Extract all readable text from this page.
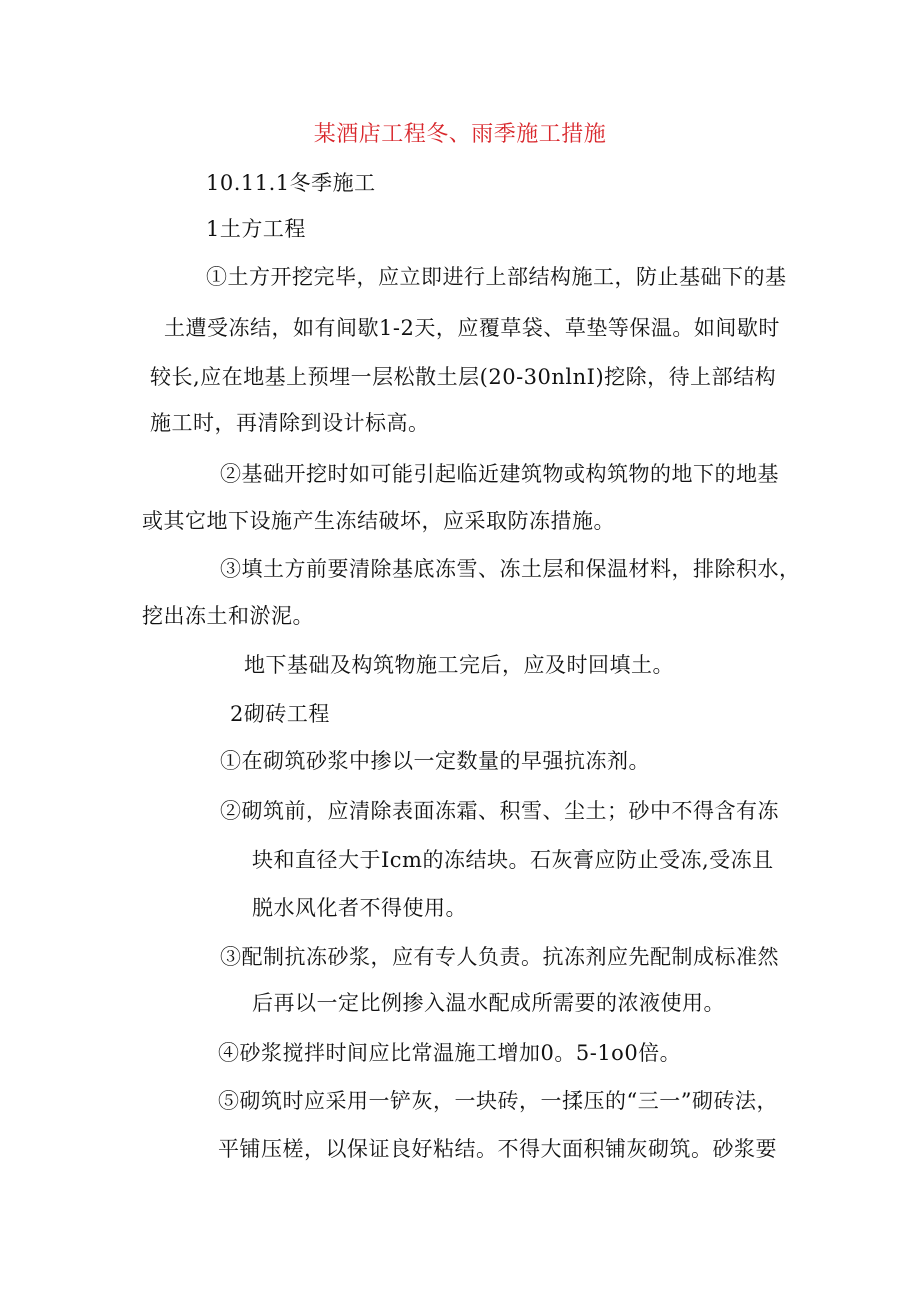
某酒店工程冬、雨季施工措施
10.11.1冬季施工
1土方工程
①土方开挖完毕，应立即进行上部结构施工，防止基础下的基
土遭受冻结，如有间歇1-2天，应覆草袋、草垫等保温。如间歇时
较长,应在地基上预埋一层松散土层(20-30nlnI)挖除，待上部结构
施工时，再清除到设计标高。
②基础开挖时如可能引起临近建筑物或构筑物的地下的地基
或其它地下设施产生冻结破坏，应采取防冻措施。
③填土方前要清除基底冻雪、冻土层和保温材料，排除积水，
挖出冻土和淤泥。
地下基础及构筑物施工完后，应及时回填土。
2砌砖工程
①在砌筑砂浆中掺以一定数量的早强抗冻剂。
②砌筑前，应清除表面冻霜、积雪、尘土；砂中不得含有冻
块和直径大于Icm的冻结块。石灰膏应防止受冻,受冻且
脱水风化者不得使用。
③配制抗冻砂浆，应有专人负责。抗冻剂应先配制成标准然
后再以一定比例掺入温水配成所需要的浓液使用。
④砂浆搅拌时间应比常温施工增加0。5-1o0倍。
⑤砌筑时应采用一铲灰，一块砖，一揉压的“三一”砌砖法，
平铺压槎，以保证良好粘结。不得大面积铺灰砌筑。砂浆要
